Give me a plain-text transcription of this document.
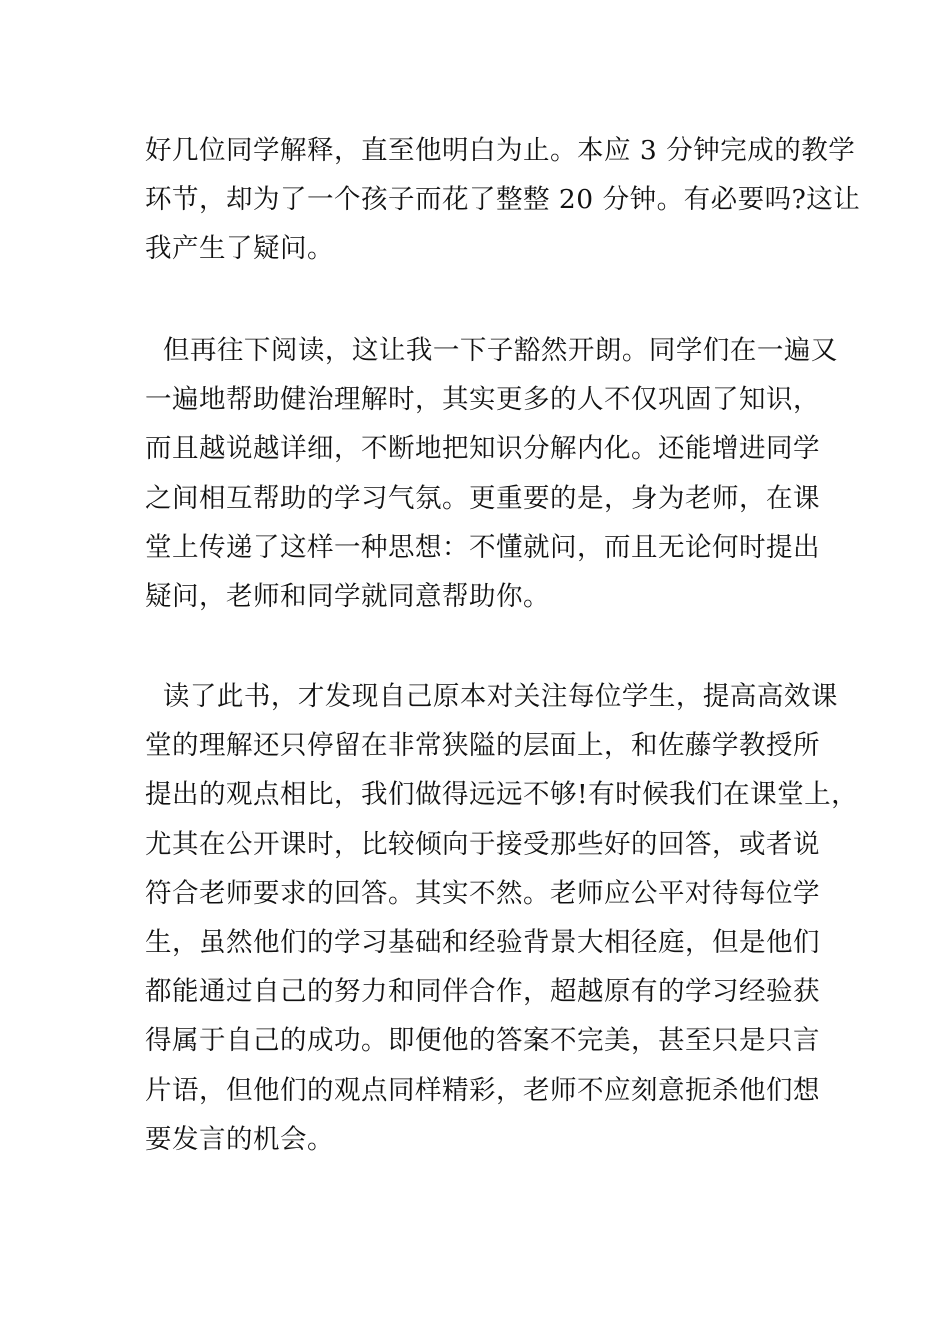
好几位同学解释，直至他明白为止。本应 3 分钟完成的教学
环节，却为了一个孩子而花了整整 20 分钟。有必要吗?这让
我产生了疑问。

但再往下阅读，这让我一下子豁然开朗。同学们在一遍又
一遍地帮助健治理解时，其实更多的人不仅巩固了知识，
而且越说越详细，不断地把知识分解内化。还能增进同学
之间相互帮助的学习气氛。更重要的是，身为老师，在课
堂上传递了这样一种思想：不懂就问，而且无论何时提出
疑问，老师和同学就同意帮助你。

读了此书，才发现自己原本对关注每位学生，提高高效课
堂的理解还只停留在非常狭隘的层面上，和佐藤学教授所
提出的观点相比，我们做得远远不够!有时候我们在课堂上，
尤其在公开课时，比较倾向于接受那些好的回答，或者说
符合老师要求的回答。其实不然。老师应公平对待每位学
生，虽然他们的学习基础和经验背景大相径庭，但是他们
都能通过自己的努力和同伴合作，超越原有的学习经验获
得属于自己的成功。即便他的答案不完美，甚至只是只言
片语，但他们的观点同样精彩，老师不应刻意扼杀他们想
要发言的机会。
